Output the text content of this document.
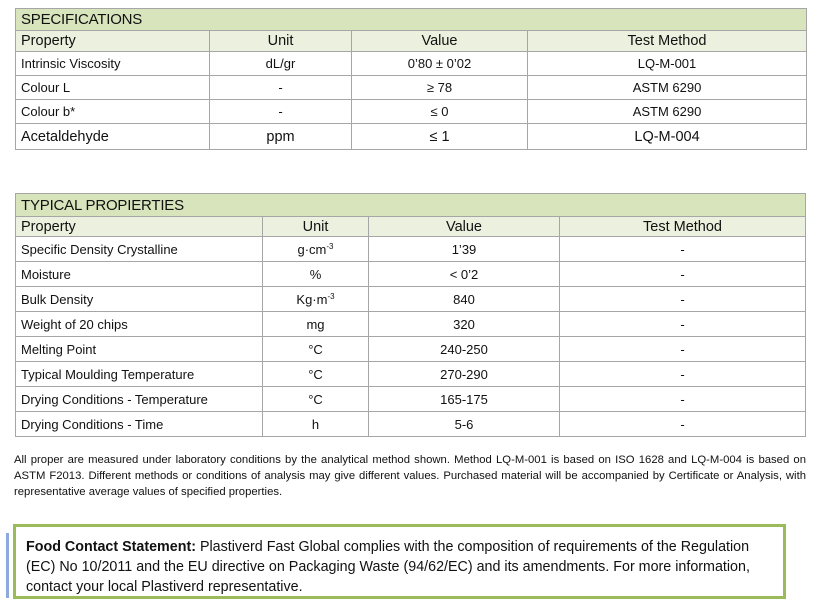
SPECIFICATIONS			
Property	Unit	Value	Test Method
Intrinsic Viscosity	dL/gr	0’80 ± 0’02	LQ-M-001
Colour L	-	≥ 78	ASTM 6290
Colour b*	-	≤ 0	ASTM 6290
Acetaldehyde	ppm	≤ 1	LQ-M-004
TYPICAL PROPIERTIES			
Property	Unit	Value	Test Method
Specific Density Crystalline	$g\cdot cm^{-3}$	1’39	-
Moisture	%	< 0’2	-
Bulk Density	$Kg\cdot m^{-3}$	840	-
Weight of 20 chips	mg	320	-
Melting Point	°C	240-250	-
Typical Moulding Temperature	°C	270-290	-
Drying Conditions - Temperature	°C	165-175	-
Drying Conditions - Time	h	5-6	-
All proper are measured under laboratory conditions by the analytical method shown. Method LQ-M-001 is based on ISO 1628 and LQ-M-004 is based on ASTM F2013. Different methods or conditions of analysis may give different values. Purchased material will be accompanied by Certificate or Analysis, with representative average values of specified properties.
Food Contact Statement: Plastiverd Fast Global complies with the composition of requirements of the Regulation (EC) No 10/2011 and the EU directive on Packaging Waste (94/62/EC) and its amendments. For more information, contact your local Plastiverd representative.
